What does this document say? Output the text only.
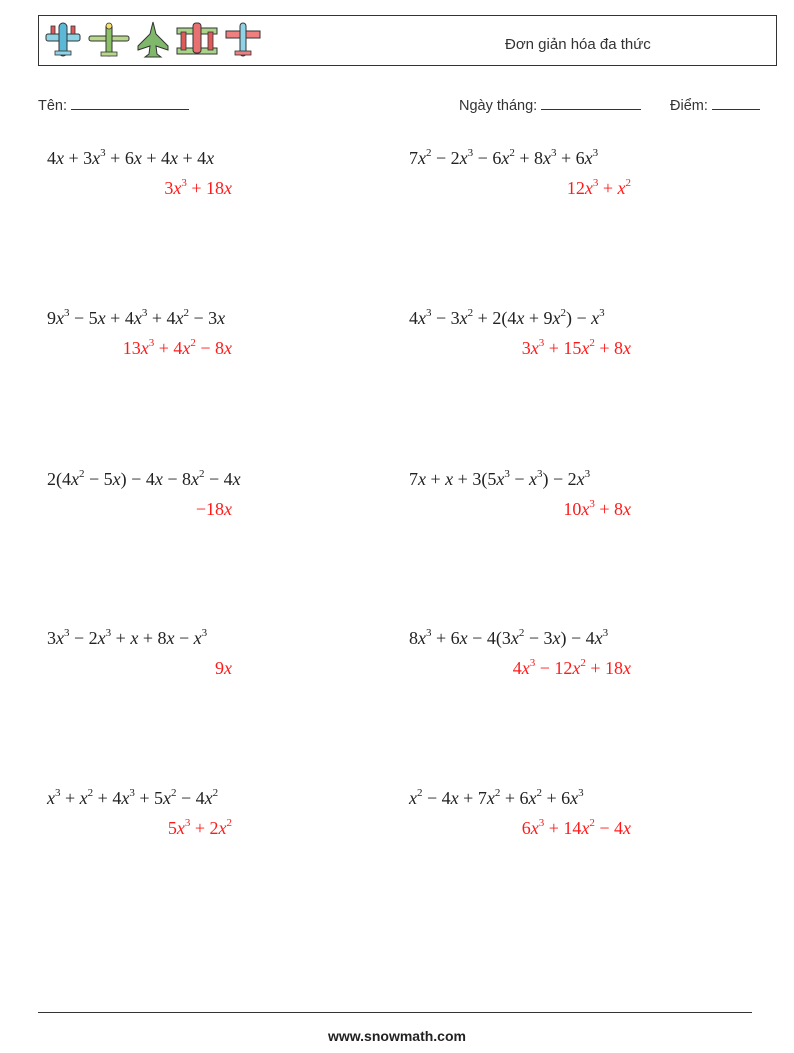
Đơn giản hóa đa thức
Tên:	Ngày tháng:	Điểm:
$4x + 3x^3 + 6x + 4x + 4x$
$3x^3 + 18x$
$7x^2 - 2x^3 - 6x^2 + 8x^3 + 6x^3$
$12x^3 + x^2$
$9x^3 - 5x + 4x^3 + 4x^2 - 3x$
$13x^3 + 4x^2 - 8x$
$4x^3 - 3x^2 + 2(4x + 9x^2) - x^3$
$3x^3 + 15x^2 + 8x$
$2(4x^2 - 5x) - 4x - 8x^2 - 4x$
−18x
$7x + x + 3(5x^3 - x^3) - 2x^3$
$10x^3 + 8x$
$3x^3 - 2x^3 + x + 8x - x^3$
9x
$8x^3 + 6x - 4(3x^2 - 3x) - 4x^3$
$4x^3 - 12x^2 + 18x$
$x^3 + x^2 + 4x^3 + 5x^2 - 4x^2$
$5x^3 + 2x^2$
$x^2 - 4x + 7x^2 + 6x^2 + 6x^3$
$6x^3 + 14x^2 - 4x$
www.snowmath.com
